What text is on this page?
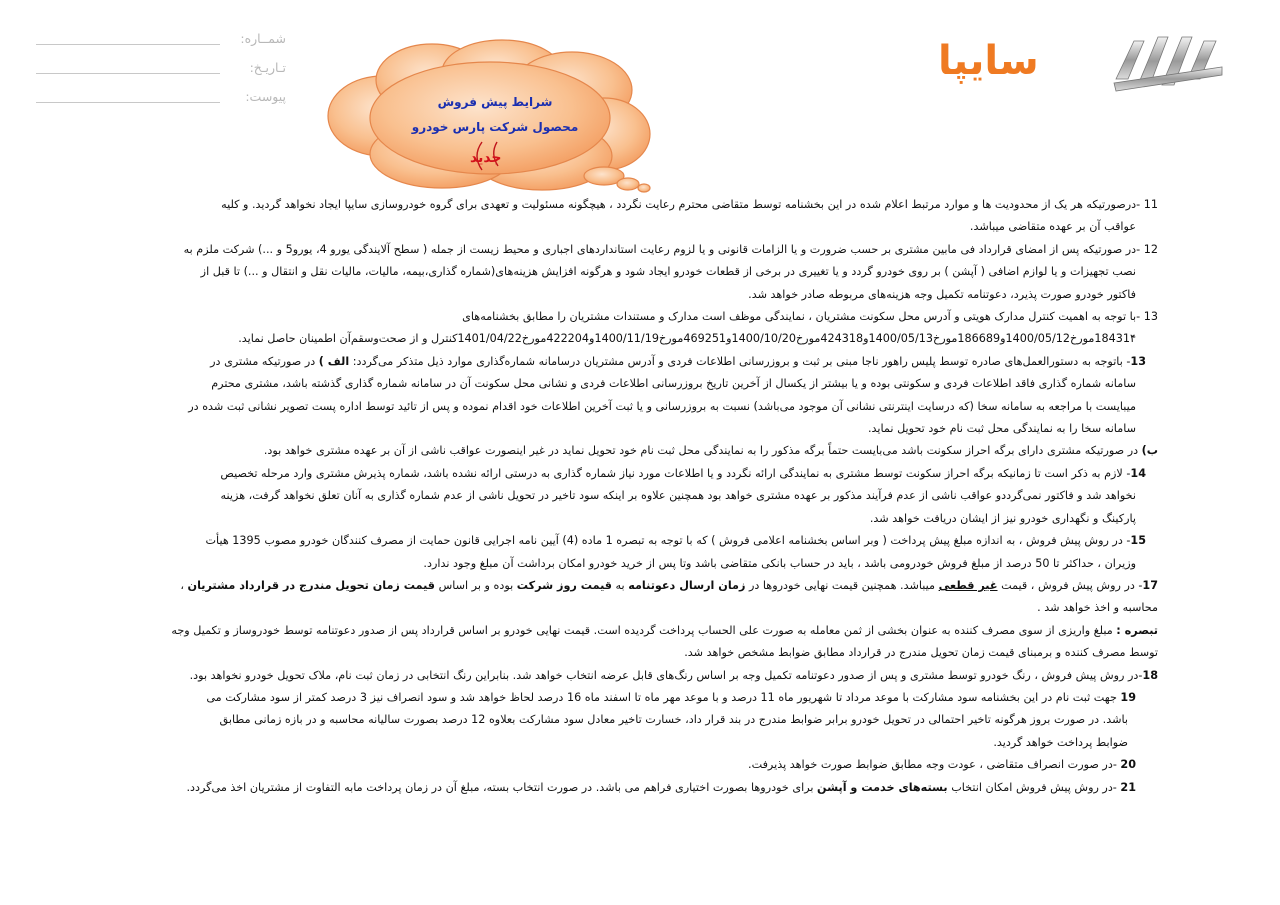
شمــاره:
تـاریـخ:
پیوست:	شرایط پیش فروش
محصول شرکت پارس خودرو
جدید
سایپا
11 -درصورتیکه هر یک از محدودیت ها و موارد مرتبط اعلام شده در این بخشنامه توسط متقاضی محترم رعایت نگردد ، هیچگونه مسئولیت و تعهدی برای گروه خودروسازی سایپا ایجاد نخواهد گردید. و کلیه
عواقب آن بر عهده متقاضی میباشد.
12 -در صورتیکه پس از امضای قرارداد فی مابین مشتری بر حسب ضرورت و یا الزامات قانونی و یا لزوم رعایت استانداردهای اجباری و محیط زیست از جمله ( سطح آلایندگی یورو 4، یورو5 و ...) شرکت ملزم به
نصب تجهیزات و یا لوازم اضافی ( آپشن ) بر روی خودرو گردد و یا تغییری در برخی از قطعات خودرو ایجاد شود و هرگونه افزایش هزینه‌های(شماره گذاری،بیمه، مالیات، مالیات نقل و انتقال و ...) تا قبل از
فاکتور خودرو صورت پذیرد، دعوتنامه تکمیل وجه هزینه‌های مربوطه صادر خواهد شد.
13 -با توجه به اهمیت کنترل مدارک هویتی و آدرس محل سکونت مشتریان ، نمایندگی موظف است مدارک و مستندات مشتریان را مطابق بخشنامه‌های
18431۴مورخ1400/05/12و186689مورخ1400/05/13و424318مورخ1400/10/20و469251مورخ1400/11/19و422204مورخ1401/04/22کنترل و از صحت‌وسقم‌آن اطمینان حاصل نماید.
13- باتوجه به دستورالعمل‌های صادره توسط پلیس راهور ناجا مبنی بر ثبت و بروزرسانی اطلاعات فردی و آدرس مشتریان درسامانه شماره‌گذاری موارد ذیل متذکر می‌گردد: الف ) در صورتیکه مشتری در
سامانه شماره گذاری فاقد اطلاعات فردی و سکونتی بوده و یا بیشتر از یکسال از آخرین تاریخ بروزرسانی اطلاعات فردی و نشانی محل سکونت آن در سامانه شماره گذاری گذشته باشد، مشتری محترم
میبایست با مراجعه به سامانه سخا (که درسایت اینترنتی نشانی آن موجود می‌باشد) نسبت به بروزرسانی و یا ثبت آخرین اطلاعات خود اقدام نموده و پس از تائید توسط اداره پست تصویر نشانی ثبت شده در
سامانه سخا را به نمایندگی محل ثبت نام خود تحویل نماید.
ب) در صورتیکه مشتری دارای برگه احراز سکونت باشد می‌بایست حتماً برگه مذکور را به نمایندگی محل ثبت نام خود تحویل نماید در غیر اینصورت عواقب ناشی از آن بر عهده مشتری خواهد بود.
14- لازم به ذکر است تا زمانیکه برگه احراز سکونت توسط مشتری به نمایندگی ارائه نگردد و یا اطلاعات مورد نیاز شماره گذاری به درستی ارائه نشده باشد، شماره پذیرش مشتری وارد مرحله تخصیص
نخواهد شد و فاکتور نمی‌گرددو عواقب ناشی از عدم فرآیند مذکور بر عهده مشتری خواهد بود همچنین علاوه بر اینکه سود تاخیر در تحویل ناشی از عدم شماره گذاری به آنان تعلق نخواهد گرفت، هزینه
پارکینگ و نگهداری خودرو نیز از ایشان دریافت خواهد شد.
15- در روش پیش فروش ، به اندازه مبلغ پیش پرداخت ( وبر اساس بخشنامه اعلامی فروش ) که با توجه به تبصره 1 ماده (4) آیین نامه اجرایی قانون حمایت از مصرف کنندگان خودرو مصوب 1395 هیأت
وزیران ، حداکثر تا 50 درصد از مبلغ فروش خودرومی باشد ، باید در حساب بانکی متقاضی باشد وتا پس از خرید خودرو امکان برداشت آن مبلغ وجود ندارد.
17- در روش پیش فروش ، قیمت غیر قطعی میباشد. همچنین قیمت نهایی خودروها در زمان ارسال دعوتنامه به قیمت روز شرکت بوده و بر اساس قیمت زمان تحویل مندرج در قرارداد مشتریان ،
محاسبه و اخذ خواهد شد .
تبصره : مبلغ واریزی از سوی مصرف کننده به عنوان بخشی از ثمن معامله به صورت علی الحساب پرداخت گردیده است. قیمت نهایی خودرو بر اساس قرارداد پس از صدور دعوتنامه توسط خودروساز و تکمیل وجه
توسط مصرف کننده و برمبنای قیمت زمان تحویل مندرج در قرارداد مطابق ضوابط مشخص خواهد شد.
18-در روش پیش فروش ، رنگ خودرو توسط مشتری و پس از صدور دعوتنامه تکمیل وجه بر اساس رنگ‌های قابل عرضه انتخاب خواهد شد. بنابراین رنگ انتخابی در زمان ثبت نام، ملاک تحویل خودرو نخواهد بود.
19 جهت ثبت نام در این بخشنامه سود مشارکت با موعد مرداد تا شهریور ماه 11 درصد و با موعد مهر ماه تا اسفند ماه 16 درصد لحاظ خواهد شد و سود انصراف نیز 3 درصد کمتر از سود مشارکت می
باشد. در صورت بروز هرگونه تاخیر احتمالی در تحویل خودرو برابر ضوابط مندرج در بند قرار داد، خسارت تاخیر معادل سود مشارکت بعلاوه 12 درصد بصورت سالیانه محاسبه و در بازه زمانی مطابق
ضوابط پرداخت خواهد گردید.
20 -در صورت انصراف متقاضی ، عودت وجه مطابق ضوابط صورت خواهد پذیرفت.
21 -در روش پیش فروش امکان انتخاب بسته‌های خدمت و آپشن برای خودروها بصورت اختیاری فراهم می باشد. در صورت انتخاب بسته، مبلغ آن در زمان پرداخت مابه التفاوت از مشتریان اخذ می‌گردد.
